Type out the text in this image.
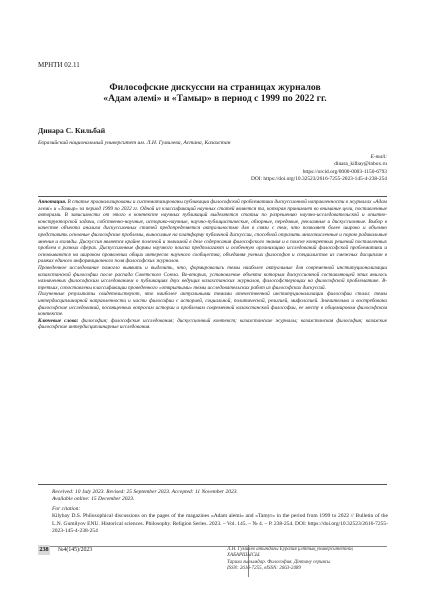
МРНТИ 02.11
Философские дискуссии на страницах журналов
«Адам әлемі» и «Тамыр» в период с 1999 по 2022 гг.
Динара С. Кильбай
Евразийский национальный университет им. Л.Н. Гумилева, Астана, Казахстан
E-mail:
dinara_kilbay@inbox.ru
https://orcid.org/0000-0003-1150-6793
DOI: https://doi.org/10.32523/2616-7255-2023-145-4-238-254

Аннотация. В статье проанализированы и систематизированы публикации философской проблематики дискуссионной направленности в журналах «Адам әлемі» и «Тамыр» за период 1999 по 2022 гг. Одной из классификаций научных статей является та, которая принимает во внимание цели, поставленные авторами. В зависимости от этого в контексте научных публикаций выделяются статьи по разрешению научно-исследовательской и опытно-конструкторской задачи, собственно-научные, историко-научные, научно-публицистические, обзорные, передовые, рекламные и дискуссионные. Выбор в качестве объекта анализа дискуссионных статей предопределяется актуальностью для в связи с тем, что позволяет более широко и объемно представить основные философские проблемы, выносимые на платформу публичной дискуссии, способной отразить многочисленные и порою радикальные мнения и взгляды. Дискуссия является крайне полезной и значимой в деле содержания философского знания и в поиске конкретных решений поставленных проблем в разных сферах. Дискуссионные формы научного поиска предполагают и особенную организацию исследований философской проблематики и основываются на широком проявлении общих интересов научного сообщества, объединяя ученых философов и специалистов из смежных дисциплин в рамках единого информационного поля философских журналов.

Проведенное исследование помогло выявить и выделить, что, формировались темы наиболее актуальные для современной институционализации казахстанской философии после распада Советского Союза. Во-вторых, установление объекта которым дискуссионной составляющей этих явилось назначенных философским исследованием о публикациях двух ведущих казахстанских журналов, философствующих на философской проблематике. В-третьих, сопоставлены классификации проведенного «открытыми» темы исследовательских работ из философских дискуссий.

Полученные результаты свидетельствуют, что наиболее актуальными темами отечественной институционализации философии стали: темы интердисциплинарной направленности и части философии с историей, социальной, политической, религией, мифологией. Значительна и востребована философские исследований, посвященных вопросам истории и проблемам современной казахстанской философии, ее месту в общемировом философском контексте.

Ключевые слова: философия; философские исследования; дискуссионный контекст; казахстанские журналы; казахстанская философия; казахские философские интердисциплинарные исследования.

Received: 10 July 2023. Revised: 25 September 2023. Accepted: 11 November 2023.
Available online: 15 December 2023.
For citation:
Kilybay D.S. Philosophical discussions on the pages of the magazines «Adam alemi» and «Tamyr» in the period from 1999 to 2022 // Bulletin of the L.N. Gumilyov ENU. Historical sciences. Philosophy. Religion Series. 2023. – Vol. 145. – № 4. – P. 238-254. DOI: https://doi.org/10.32523/2616-7255-2023-145-4-238-254
238 №4(145)/2023	Л.Н. Гумилев атындағы Еуразия ұлттық университетінің ХАБАРШЫСЫ.
Тарихи ғылымдар. Философия. Дінтану сериясы
ISSN: 2616-7255, eISSN: 2663-2489
